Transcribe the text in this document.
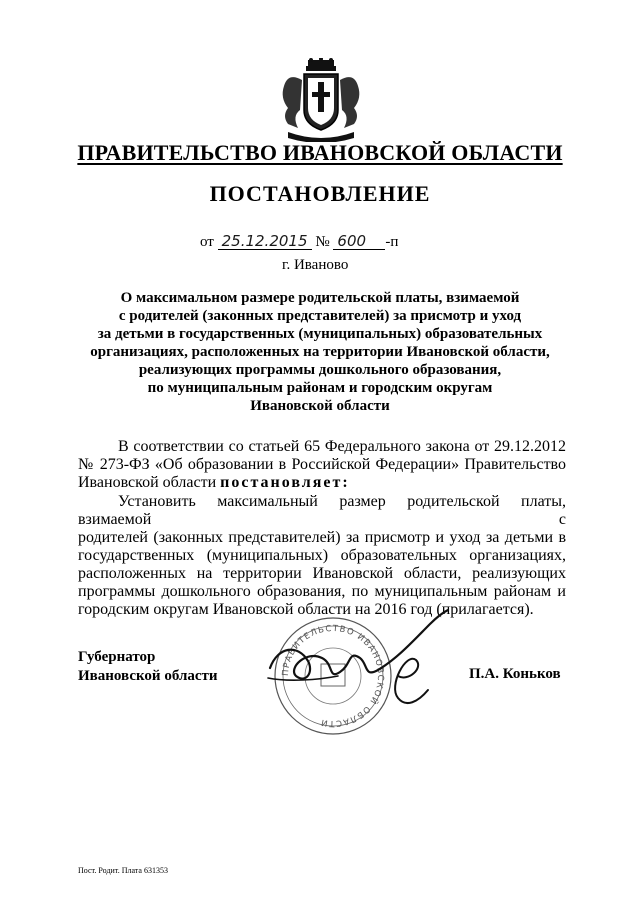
ПРАВИТЕЛЬСТВО ИВАНОВСКОЙ ОБЛАСТИ
ПОСТАНОВЛЕНИЕ
от 25.12.2015 № 600 -п
г. Иваново
О максимальном размере родительской платы, взимаемой
с родителей (законных представителей) за присмотр и уход
за детьми в государственных (муниципальных) образовательных
организациях, расположенных на территории Ивановской области,
реализующих программы дошкольного образования,
по муниципальным районам и городским округам
Ивановской области
В соответствии со статьей 65 Федерального закона от 29.12.2012
№ 273-ФЗ «Об образовании в Российской Федерации» Правительство
Ивановской области постановляет:
Установить максимальный размер родительской платы, взимаемой с
родителей (законных представителей) за присмотр и уход за детьми в
государственных (муниципальных) образовательных организациях,
расположенных на территории Ивановской области, реализующих
программы дошкольного образования, по муниципальным районам и
городским округам Ивановской области на 2016 год (прилагается).
ПРАВИТЕЛЬСТВО ИВАНОВСКОЙ ОБЛАСТИ
Губернатор
Ивановской области	П.А. Коньков
Пост. Родит. Плата 631353
